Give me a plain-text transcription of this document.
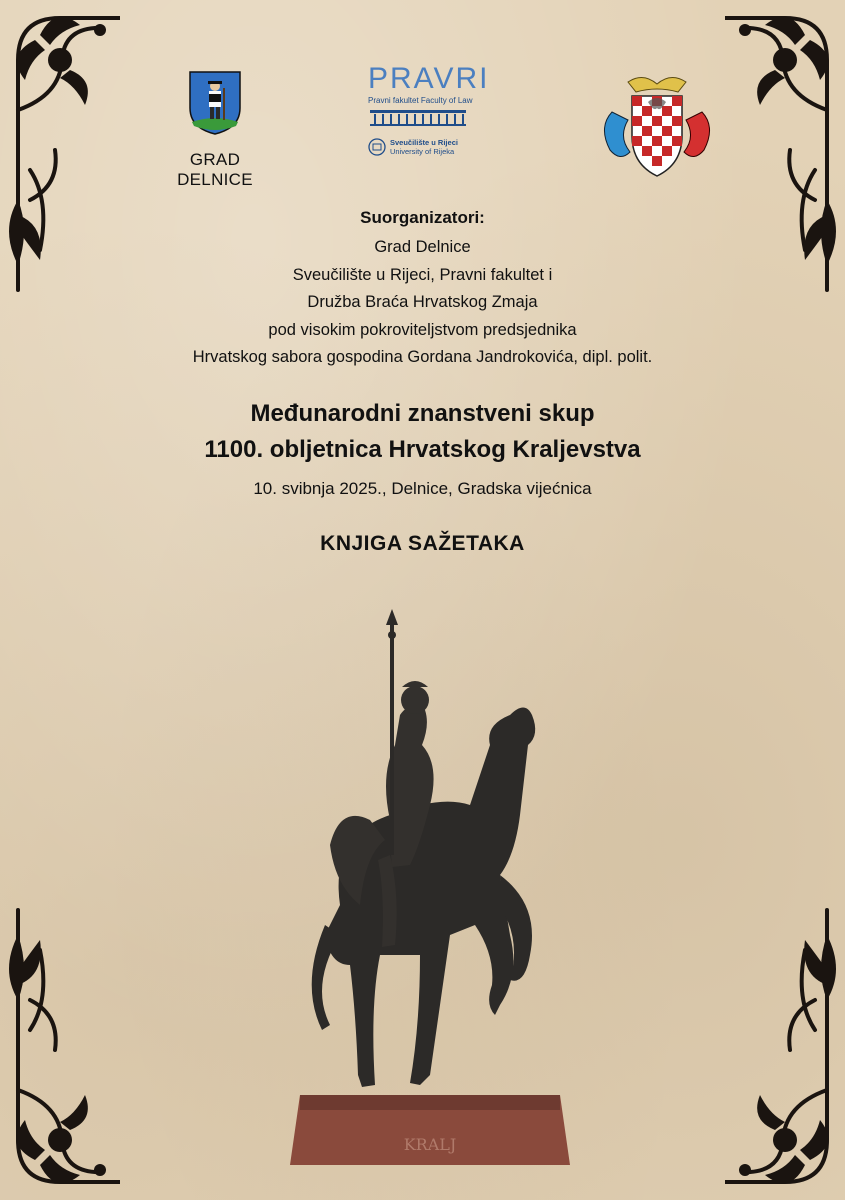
GRAD DELNICE
PRAVRI
Pravni fakultet Faculty of Law
Sveučilište u Rijeci
University of Rijeka
Suorganizatori:
Grad Delnice
Sveučilište u Rijeci, Pravni fakultet i
Družba Braća Hrvatskog Zmaja
pod visokim pokroviteljstvom predsjednika
Hrvatskog sabora gospodina Gordana Jandrokovića, dipl. polit.
Međunarodni znanstveni skup
1100. obljetnica Hrvatskog Kraljevstva
10. svibnja 2025., Delnice, Gradska vijećnica
KNJIGA SAŽETAKA
KRALJ
